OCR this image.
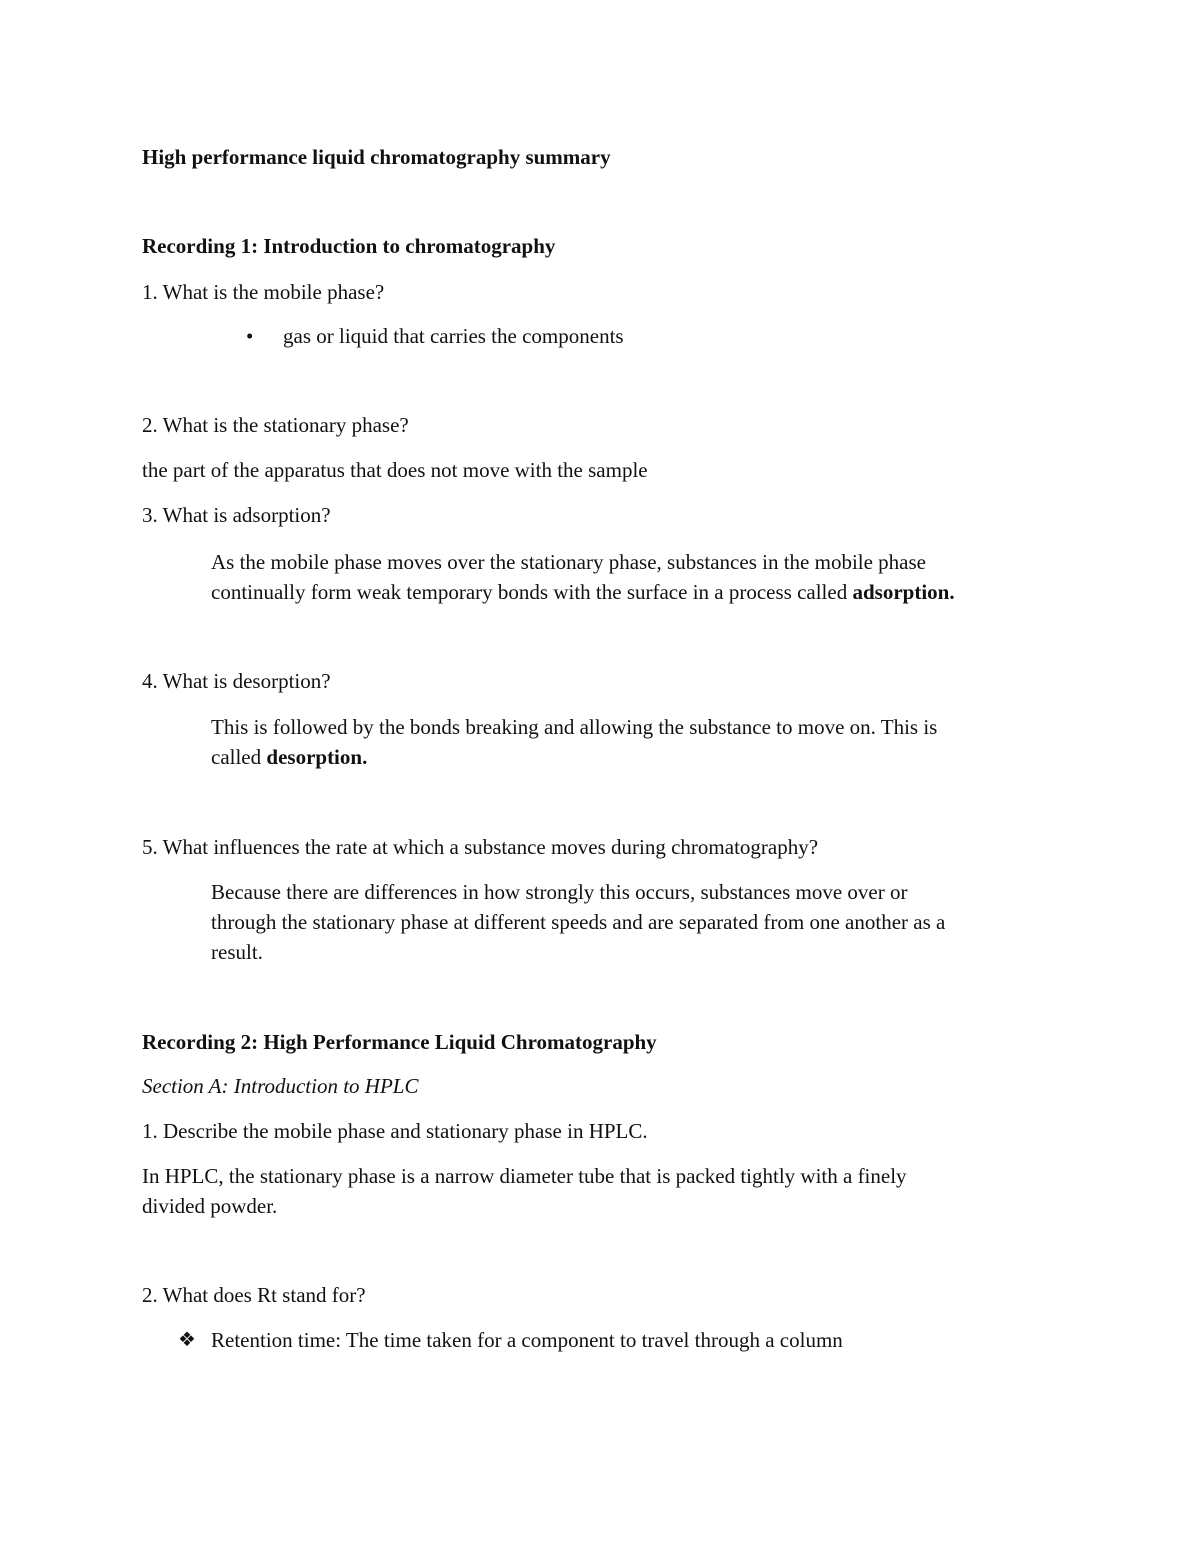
High performance liquid chromatography summary
Recording 1: Introduction to chromatography
1. What is the mobile phase?
• gas or liquid that carries the components
2. What is the stationary phase?
the part of the apparatus that does not move with the sample
3. What is adsorption?
As the mobile phase moves over the stationary phase, substances in the mobile phase
continually form weak temporary bonds with the surface in a process called adsorption.
4. What is desorption?
This is followed by the bonds breaking and allowing the substance to move on. This is
called desorption.
5. What influences the rate at which a substance moves during chromatography?
Because there are differences in how strongly this occurs, substances move over or
through the stationary phase at different speeds and are separated from one another as a
result.
Recording 2: High Performance Liquid Chromatography
Section A: Introduction to HPLC
1. Describe the mobile phase and stationary phase in HPLC.
In HPLC, the stationary phase is a narrow diameter tube that is packed tightly with a finely
divided powder.
2. What does Rt stand for?
❖ Retention time: The time taken for a component to travel through a column
